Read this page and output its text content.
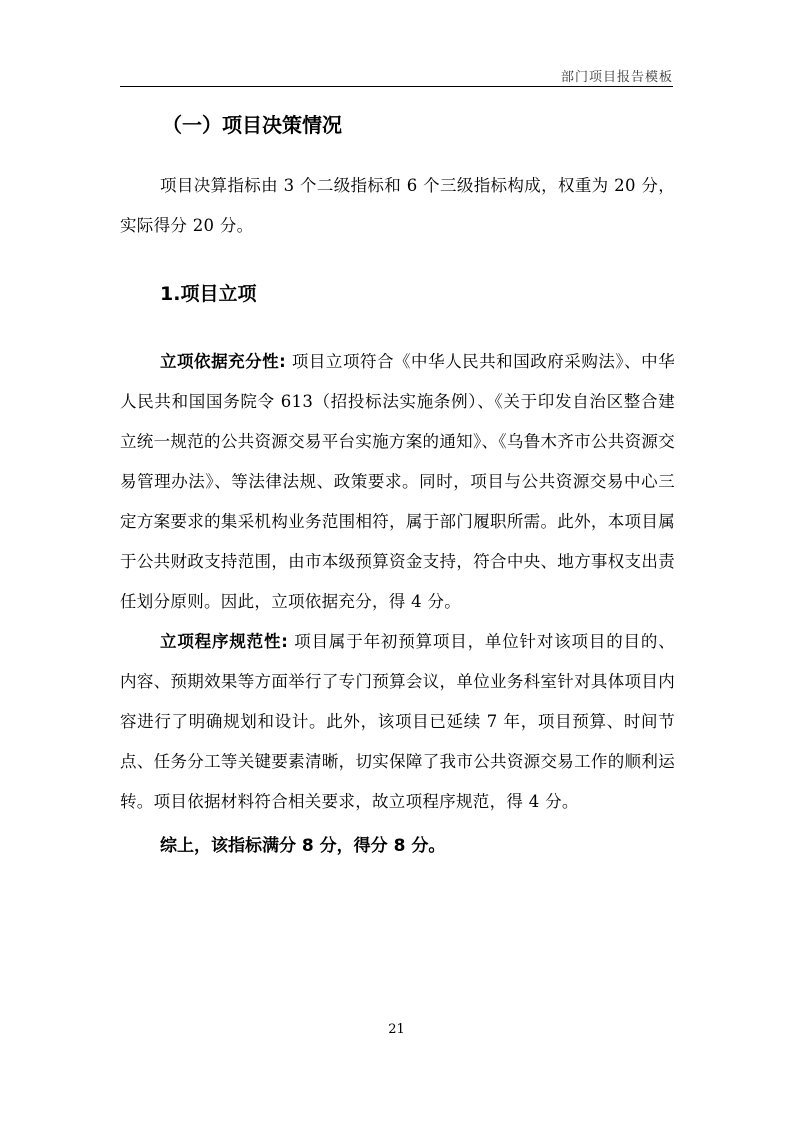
部门项目报告模板
（一）项目决策情况

项目决算指标由 3 个二级指标和 6 个三级指标构成，权重为 20 分，实际得分 20 分。

1.项目立项

立项依据充分性: 项目立项符合《中华人民共和国政府采购法》、中华人民共和国国务院令 613（招投标法实施条例）、《关于印发自治区整合建立统一规范的公共资源交易平台实施方案的通知》、《乌鲁木齐市公共资源交易管理办法》、等法律法规、政策要求。同时，项目与公共资源交易中心三定方案要求的集采机构业务范围相符，属于部门履职所需。此外，本项目属于公共财政支持范围，由市本级预算资金支持，符合中央、地方事权支出责任划分原则。因此，立项依据充分，得 4 分。

立项程序规范性: 项目属于年初预算项目，单位针对该项目的目的、内容、预期效果等方面举行了专门预算会议，单位业务科室针对具体项目内容进行了明确规划和设计。此外，该项目已延续 7 年，项目预算、时间节点、任务分工等关键要素清晰，切实保障了我市公共资源交易工作的顺利运转。项目依据材料符合相关要求，故立项程序规范，得 4 分。

综上，该指标满分 8 分，得分 8 分。
21
